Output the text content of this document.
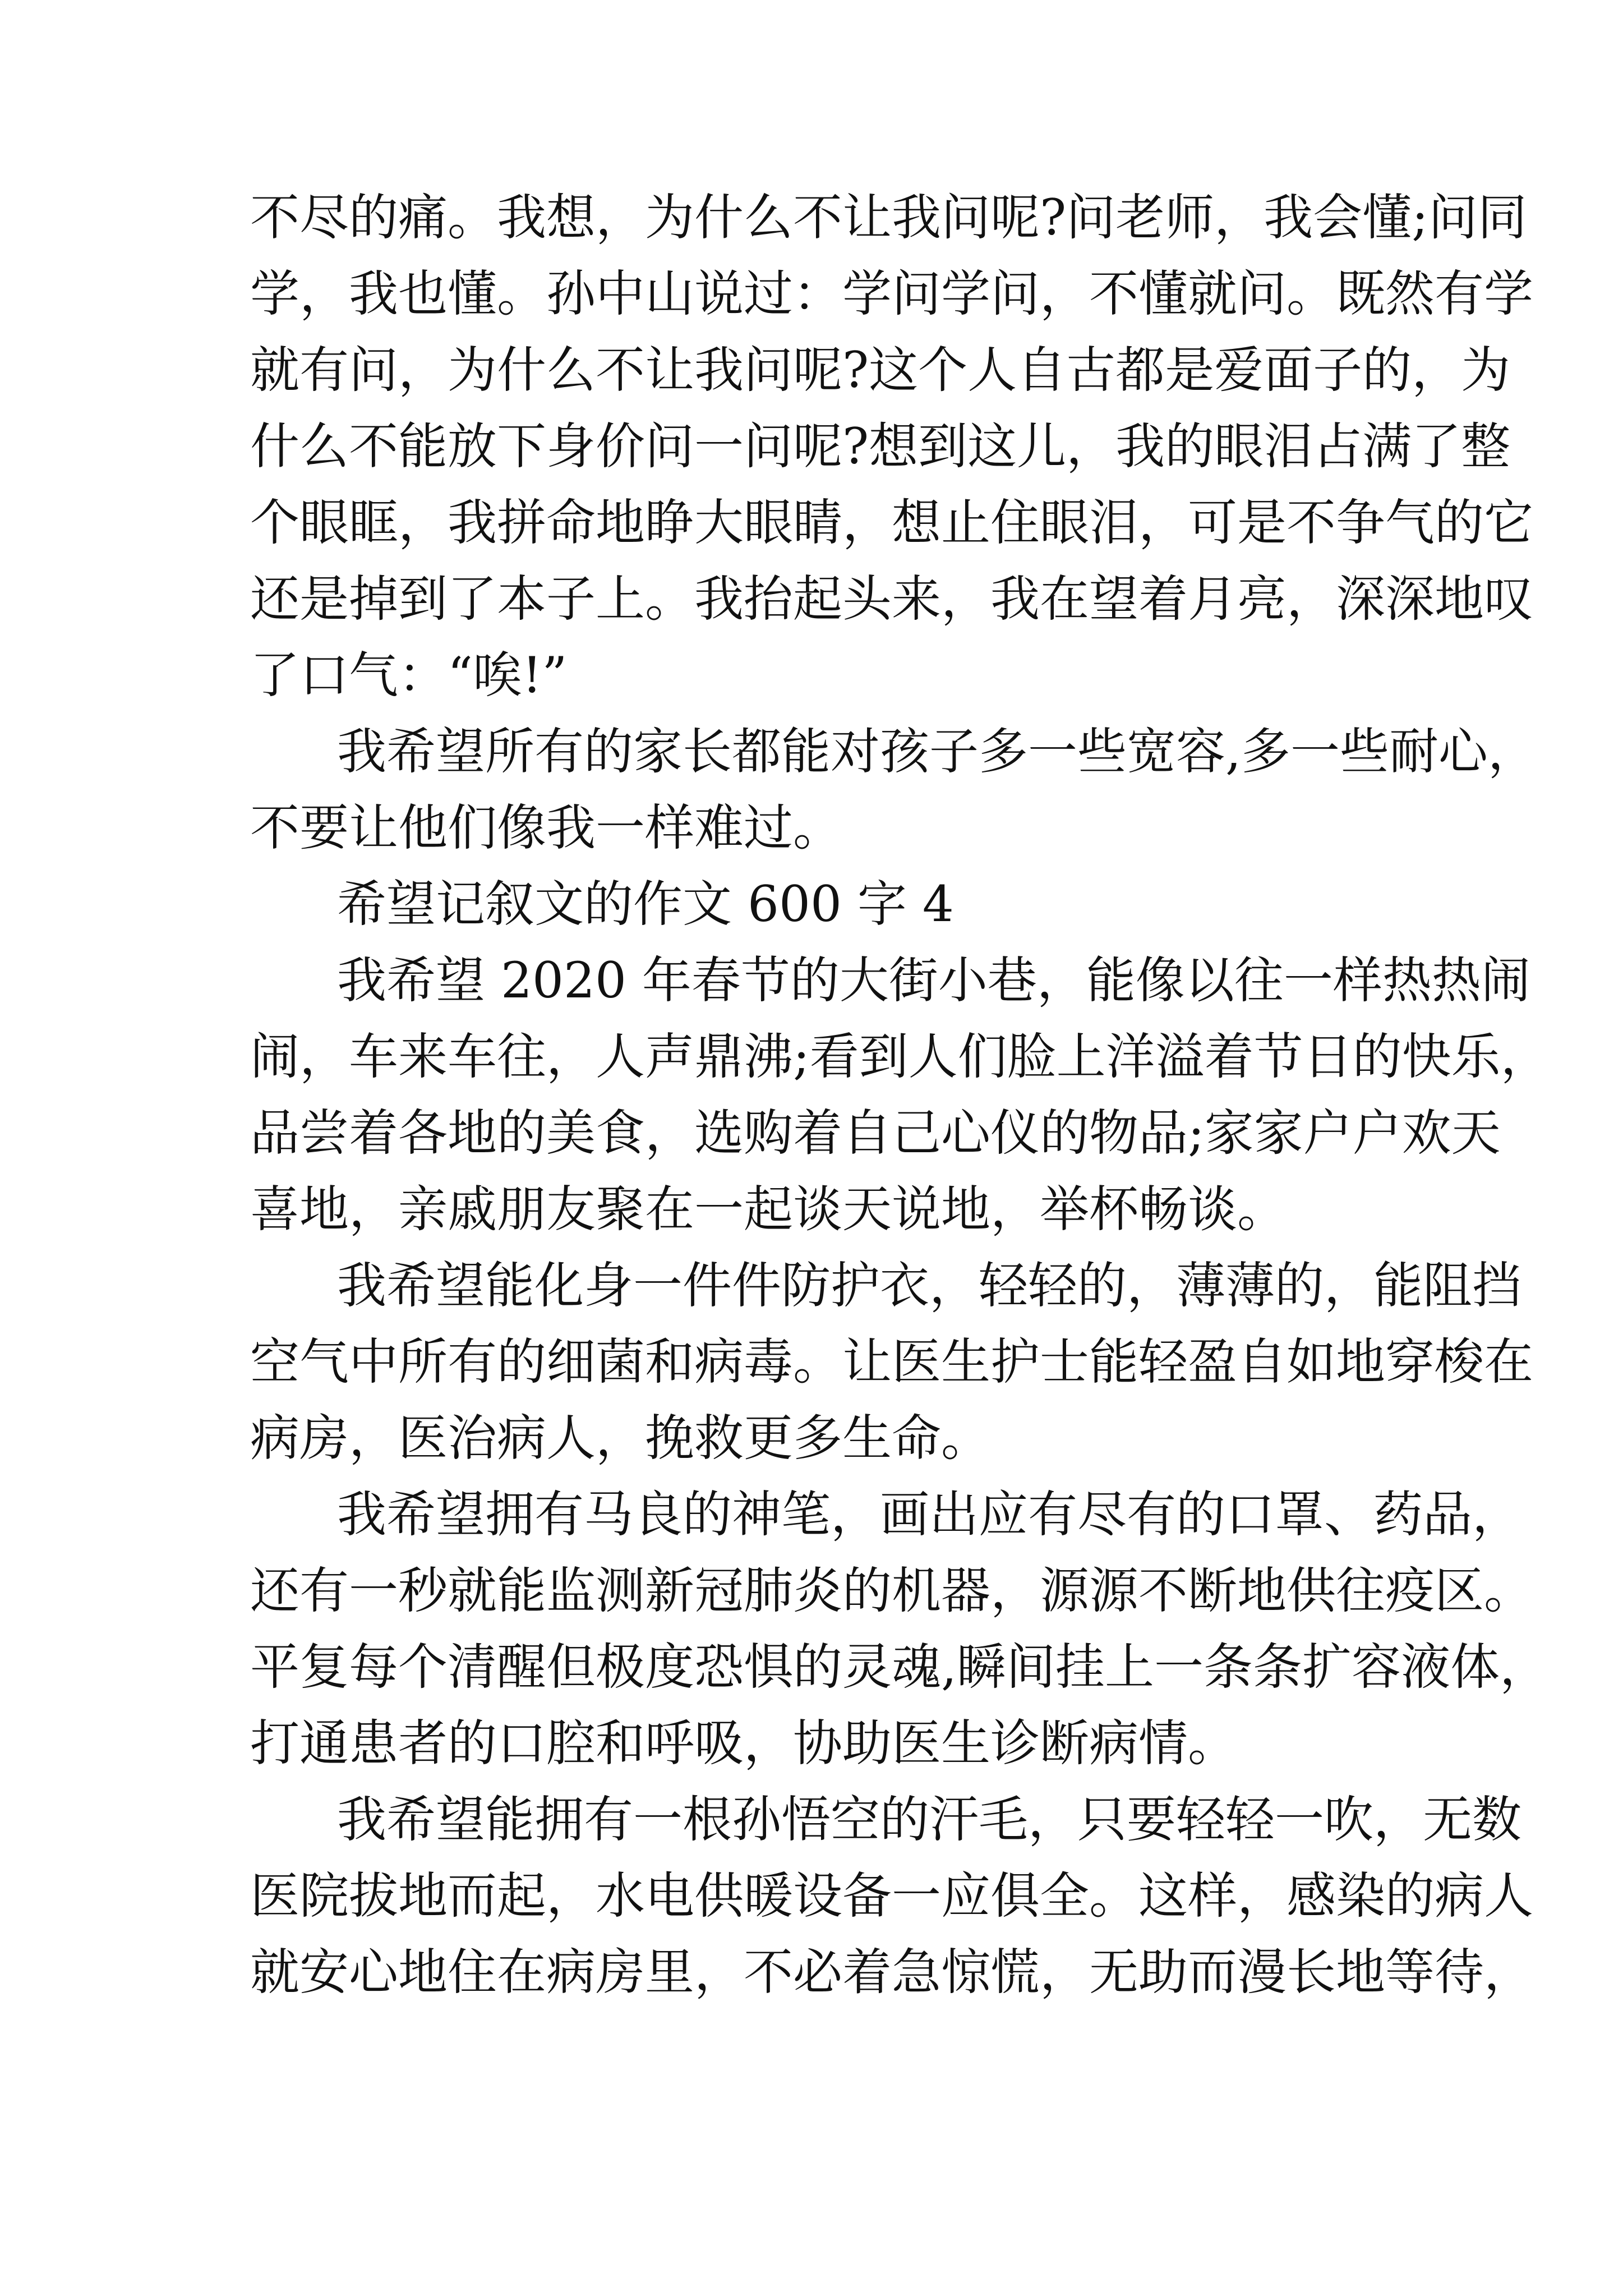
不尽的痛。我想，为什么不让我问呢?问老师，我会懂;问同
学，我也懂。孙中山说过：学问学问，不懂就问。既然有学
就有问，为什么不让我问呢?这个人自古都是爱面子的，为
什么不能放下身价问一问呢?想到这儿，我的眼泪占满了整
个眼眶，我拼命地睁大眼睛，想止住眼泪，可是不争气的它
还是掉到了本子上。我抬起头来，我在望着月亮，深深地叹
了口气：“唉!”
我希望所有的家长都能对孩子多一些宽容,多一些耐心，
不要让他们像我一样难过。
希望记叙文的作文 600 字 4
我希望 2020 年春节的大街小巷，能像以往一样热热闹
闹，车来车往，人声鼎沸;看到人们脸上洋溢着节日的快乐，
品尝着各地的美食，选购着自己心仪的物品;家家户户欢天
喜地，亲戚朋友聚在一起谈天说地，举杯畅谈。
我希望能化身一件件防护衣，轻轻的，薄薄的，能阻挡
空气中所有的细菌和病毒。让医生护士能轻盈自如地穿梭在
病房，医治病人，挽救更多生命。
我希望拥有马良的神笔，画出应有尽有的口罩、药品，
还有一秒就能监测新冠肺炎的机器，源源不断地供往疫区。
平复每个清醒但极度恐惧的灵魂,瞬间挂上一条条扩容液体，
打通患者的口腔和呼吸，协助医生诊断病情。
我希望能拥有一根孙悟空的汗毛，只要轻轻一吹，无数
医院拔地而起，水电供暖设备一应俱全。这样，感染的病人
就安心地住在病房里，不必着急惊慌，无助而漫长地等待，
